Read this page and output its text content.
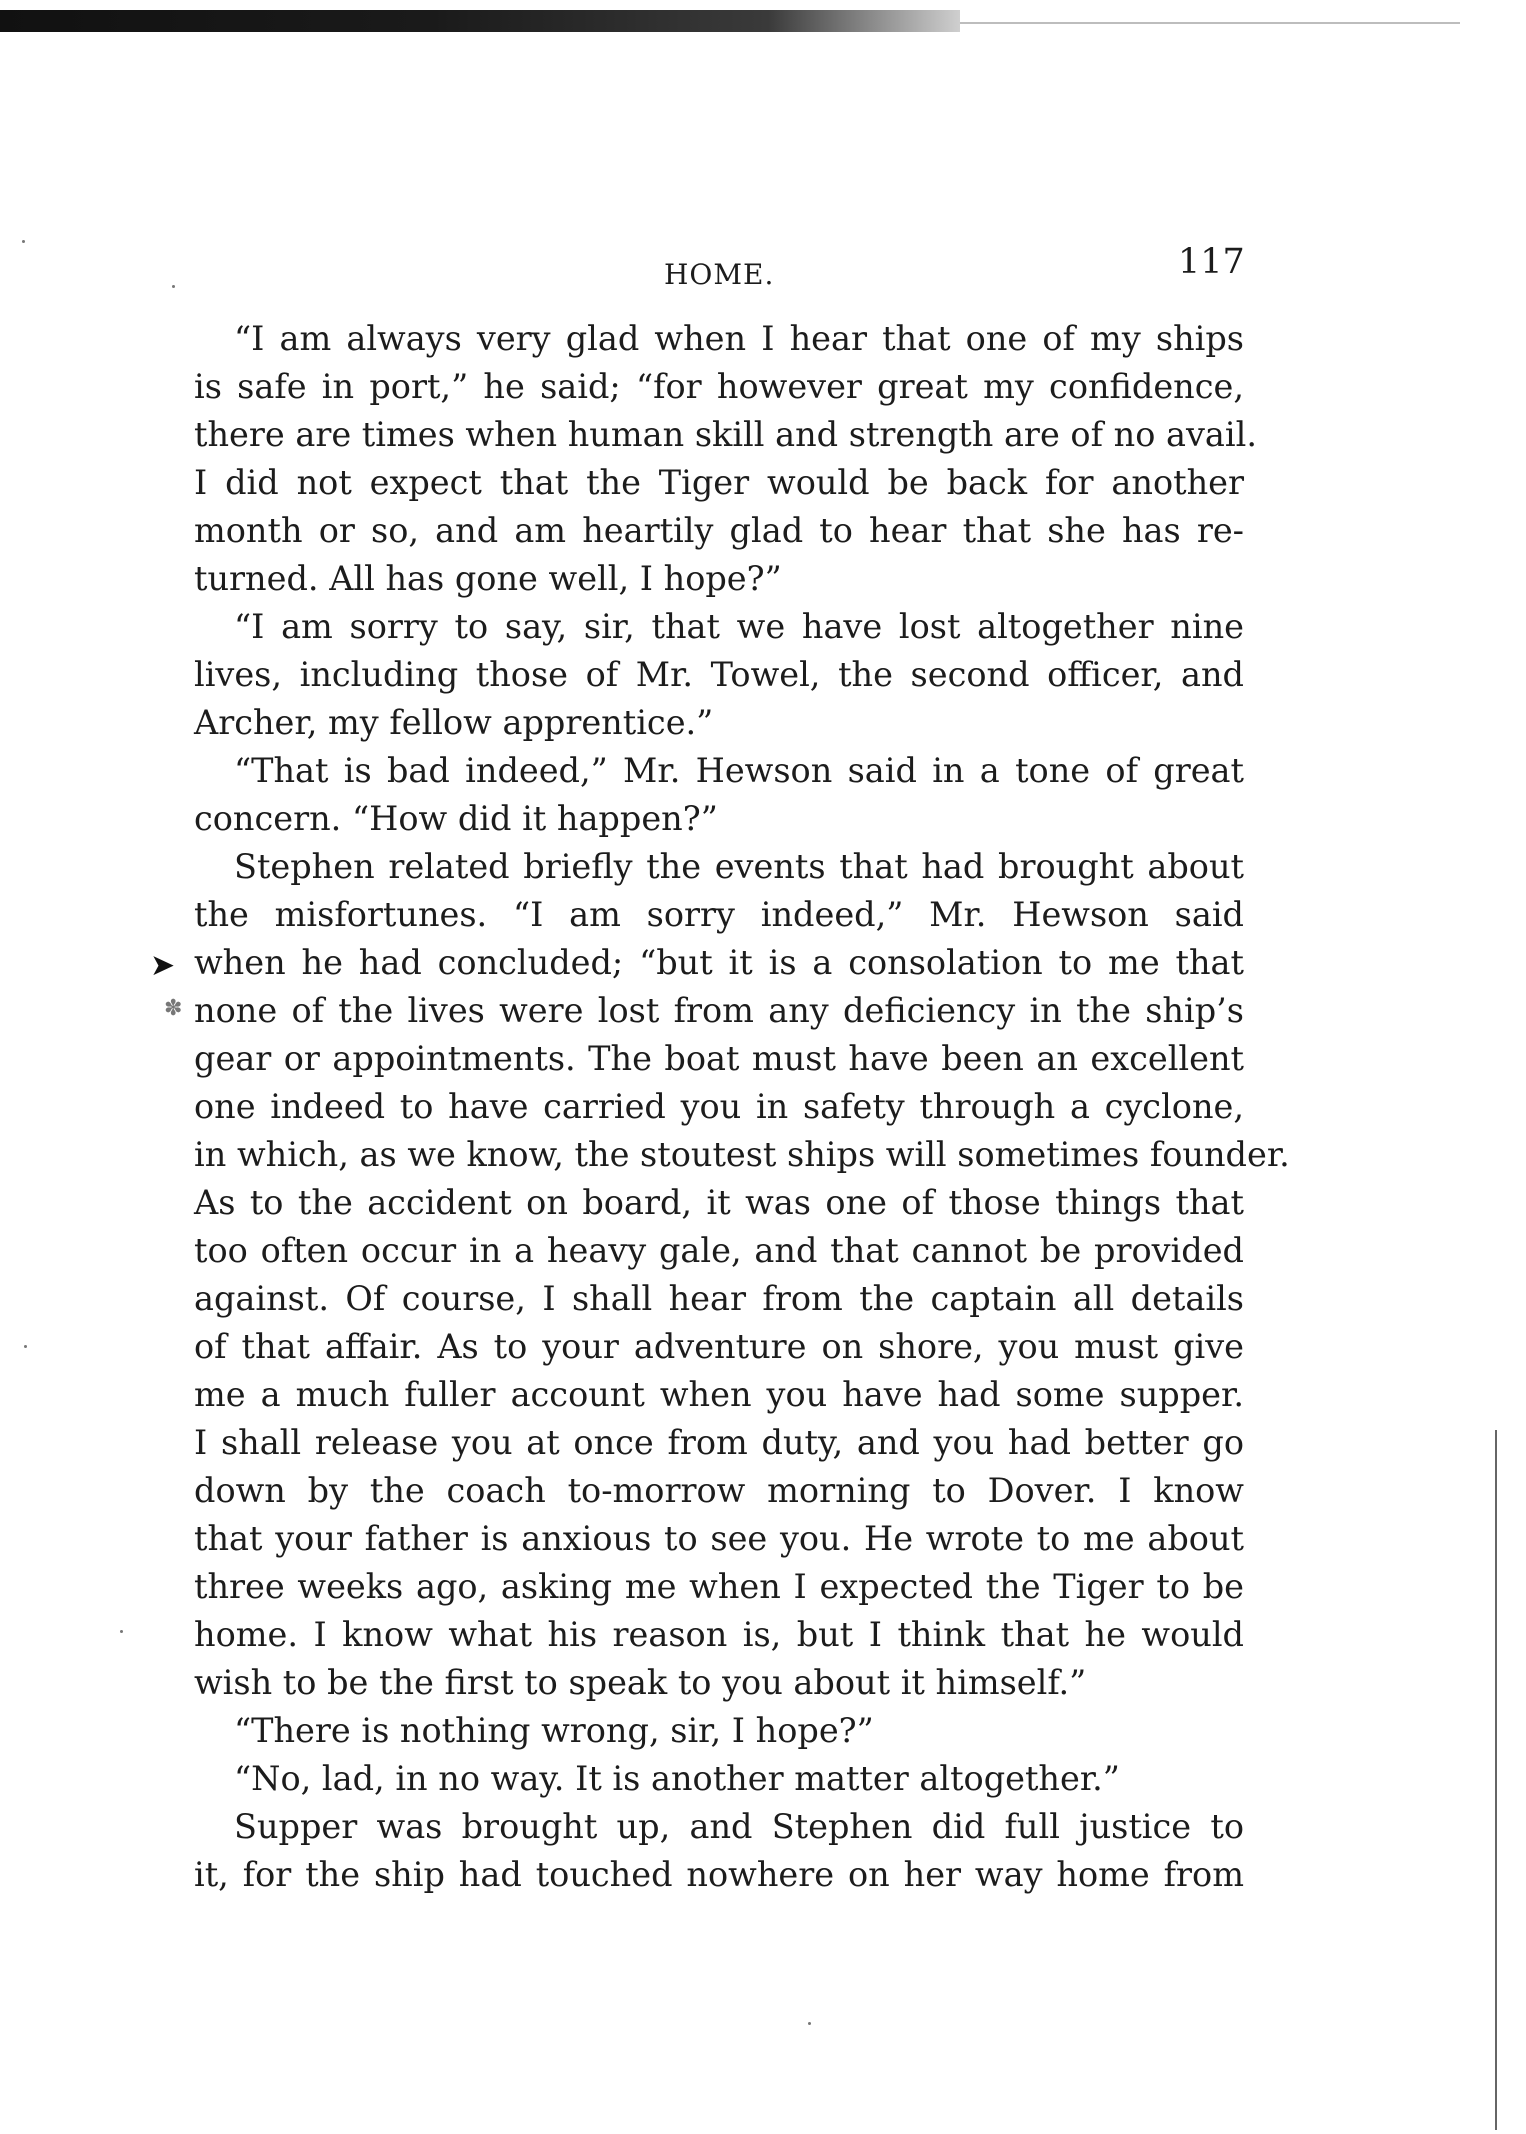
HOME.	117
“I am always very glad when I hear that one of my ships
is safe in port,” he said; “for however great my confidence,
there are times when human skill and strength are of no avail.
I did not expect that the Tiger would be back for another
month or so, and am heartily glad to hear that she has re-
turned. All has gone well, I hope?”
“I am sorry to say, sir, that we have lost altogether nine
lives, including those of Mr. Towel, the second officer, and
Archer, my fellow apprentice.”
“That is bad indeed,” Mr. Hewson said in a tone of great
concern. “How did it happen?”
Stephen related briefly the events that had brought about
the misfortunes. “I am sorry indeed,” Mr. Hewson said
when he had concluded; “but it is a consolation to me that
none of the lives were lost from any deficiency in the ship’s
gear or appointments. The boat must have been an excellent
one indeed to have carried you in safety through a cyclone,
in which, as we know, the stoutest ships will sometimes founder.
As to the accident on board, it was one of those things that
too often occur in a heavy gale, and that cannot be provided
against. Of course, I shall hear from the captain all details
of that affair. As to your adventure on shore, you must give
me a much fuller account when you have had some supper.
I shall release you at once from duty, and you had better go
down by the coach to-morrow morning to Dover. I know
that your father is anxious to see you. He wrote to me about
three weeks ago, asking me when I expected the Tiger to be
home. I know what his reason is, but I think that he would
wish to be the first to speak to you about it himself.”
“There is nothing wrong, sir, I hope?”
“No, lad, in no way. It is another matter altogether.”
Supper was brought up, and Stephen did full justice to
it, for the ship had touched nowhere on her way home from
➤
✽
